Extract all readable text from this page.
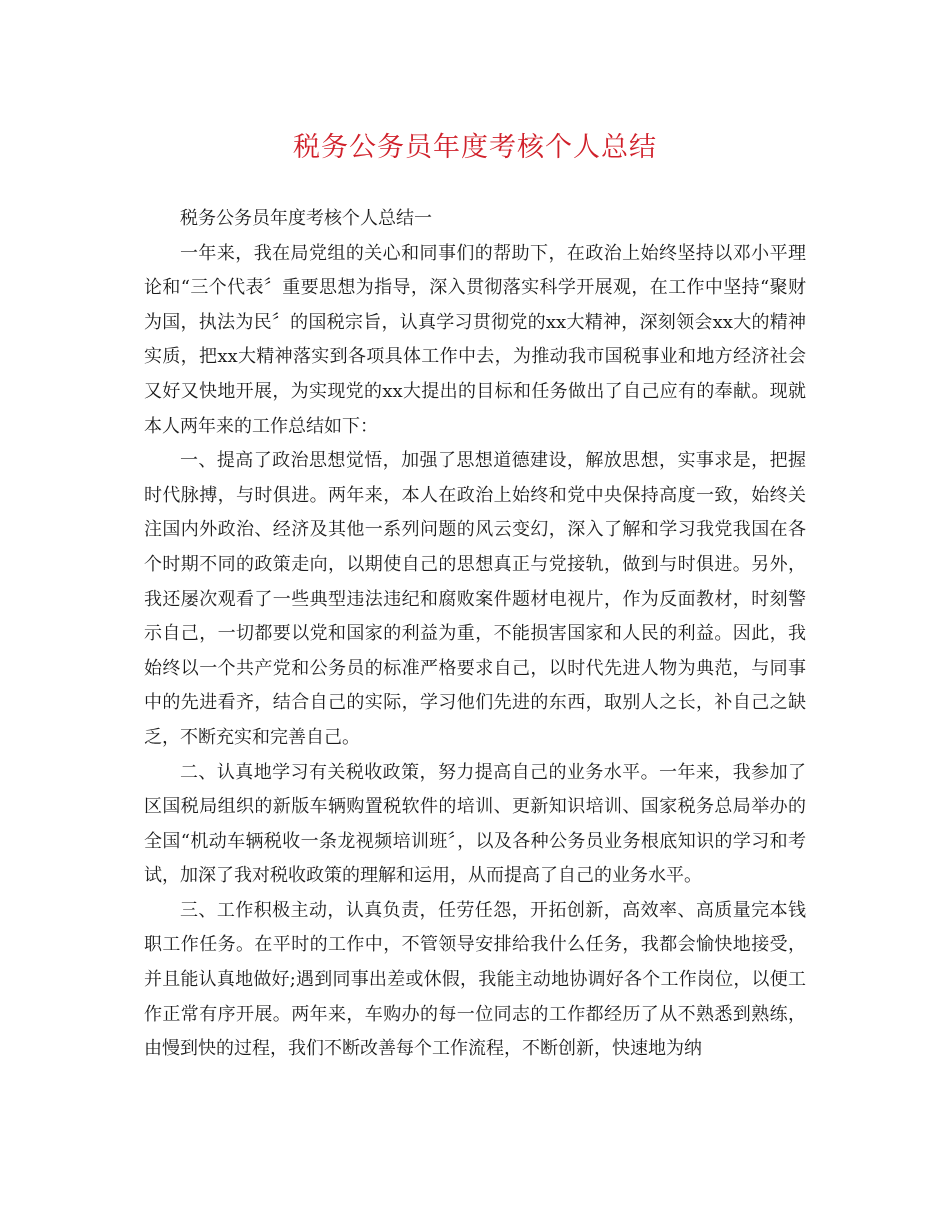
税务公务员年度考核个人总结

税务公务员年度考核个人总结一

一年来，我在局党组的关心和同事们的帮助下，在政治上始终坚持以邓小平理论和“三个代表〞重要思想为指导，深入贯彻落实科学开展观，在工作中坚持“聚财为国，执法为民〞的国税宗旨，认真学习贯彻党的xx大精神，深刻领会xx大的精神实质，把xx大精神落实到各项具体工作中去，为推动我市国税事业和地方经济社会又好又快地开展，为实现党的xx大提出的目标和任务做出了自己应有的奉献。现就本人两年来的工作总结如下：

一、提高了政治思想觉悟，加强了思想道德建设，解放思想，实事求是，把握时代脉搏，与时俱进。两年来，本人在政治上始终和党中央保持高度一致，始终关注国内外政治、经济及其他一系列问题的风云变幻，深入了解和学习我党我国在各个时期不同的政策走向，以期使自己的思想真正与党接轨，做到与时俱进。另外，我还屡次观看了一些典型违法违纪和腐败案件题材电视片，作为反面教材，时刻警示自己，一切都要以党和国家的利益为重，不能损害国家和人民的利益。因此，我始终以一个共产党和公务员的标准严格要求自己，以时代先进人物为典范，与同事中的先进看齐，结合自己的实际，学习他们先进的东西，取别人之长，补自己之缺乏，不断充实和完善自己。

二、认真地学习有关税收政策，努力提高自己的业务水平。一年来，我参加了区国税局组织的新版车辆购置税软件的培训、更新知识培训、国家税务总局举办的全国“机动车辆税收一条龙视频培训班〞，以及各种公务员业务根底知识的学习和考试，加深了我对税收政策的理解和运用，从而提高了自己的业务水平。

三、工作积极主动，认真负责，任劳任怨，开拓创新，高效率、高质量完本钱职工作任务。在平时的工作中，不管领导安排给我什么任务，我都会愉快地接受，并且能认真地做好;遇到同事出差或休假，我能主动地协调好各个工作岗位，以便工作正常有序开展。两年来，车购办的每一位同志的工作都经历了从不熟悉到熟练，由慢到快的过程，我们不断改善每个工作流程，不断创新，快速地为纳
